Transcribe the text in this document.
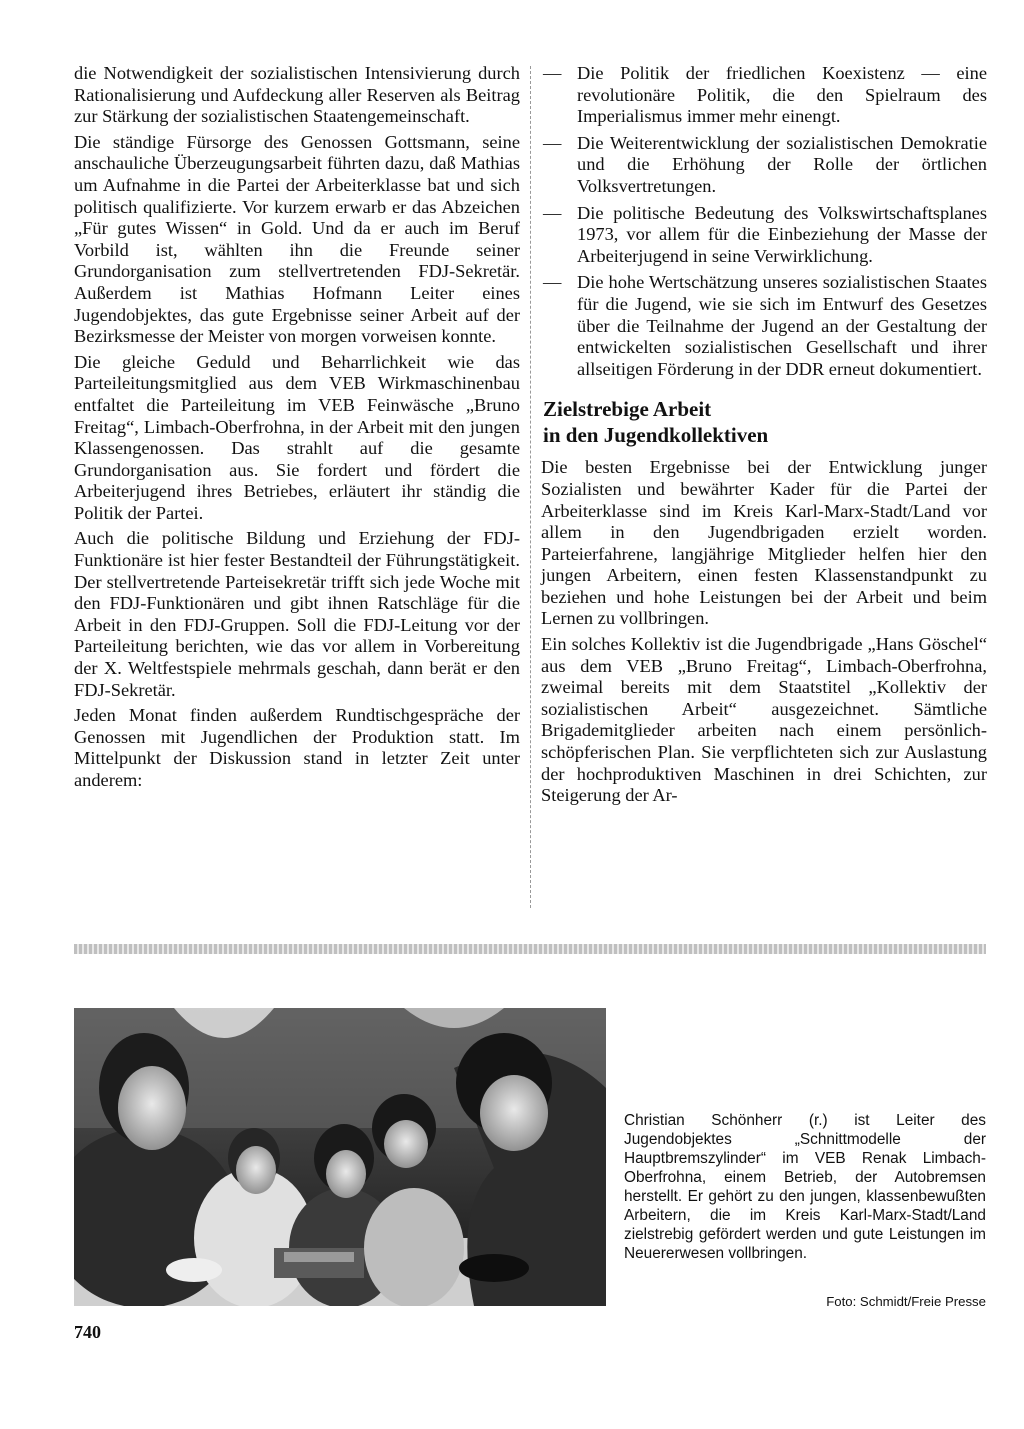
die Notwendigkeit der sozialistischen Intensivierung durch Rationalisierung und Aufdeckung aller Reserven als Beitrag zur Stärkung der sozialistischen Staatengemeinschaft.

Die ständige Fürsorge des Genossen Gottsmann, seine anschauliche Überzeugungsarbeit führten dazu, daß Mathias um Aufnahme in die Partei der Arbeiterklasse bat und sich politisch qualifizierte. Vor kurzem erwarb er das Abzeichen „Für gutes Wissen“ in Gold. Und da er auch im Beruf Vorbild ist, wählten ihn die Freunde seiner Grundorganisation zum stellvertretenden FDJ-Sekretär. Außerdem ist Mathias Hofmann Leiter eines Jugendobjektes, das gute Ergebnisse seiner Arbeit auf der Bezirksmesse der Meister von morgen vorweisen konnte.

Die gleiche Geduld und Beharrlichkeit wie das Parteileitungsmitglied aus dem VEB Wirkmaschinenbau entfaltet die Parteileitung im VEB Feinwäsche „Bruno Freitag“, Limbach-Oberfrohna, in der Arbeit mit den jungen Klassengenossen. Das strahlt auf die gesamte Grundorganisation aus. Sie fordert und fördert die Arbeiterjugend ihres Betriebes, erläutert ihr ständig die Politik der Partei.

Auch die politische Bildung und Erziehung der FDJ-Funktionäre ist hier fester Bestandteil der Führungstätigkeit. Der stellvertretende Parteisekretär trifft sich jede Woche mit den FDJ-Funktionären und gibt ihnen Ratschläge für die Arbeit in den FDJ-Gruppen. Soll die FDJ-Leitung vor der Parteileitung berichten, wie das vor allem in Vorbereitung der X. Weltfestspiele mehrmals geschah, dann berät er den FDJ-Sekretär.

Jeden Monat finden außerdem Rundtischgespräche der Genossen mit Jugendlichen der Produktion statt. Im Mittelpunkt der Diskussion stand in letzter Zeit unter anderem:

— Die Politik der friedlichen Koexistenz — eine revolutionäre Politik, die den Spielraum des Imperialismus immer mehr einengt.
— Die Weiterentwicklung der sozialistischen Demokratie und die Erhöhung der Rolle der örtlichen Volksvertretungen.
— Die politische Bedeutung des Volkswirtschaftsplanes 1973, vor allem für die Einbeziehung der Masse der Arbeiterjugend in seine Verwirklichung.
— Die hohe Wertschätzung unseres sozialistischen Staates für die Jugend, wie sie sich im Entwurf des Gesetzes über die Teilnahme der Jugend an der Gestaltung der entwickelten sozialistischen Gesellschaft und ihrer allseitigen Förderung in der DDR erneut dokumentiert.
Zielstrebige Arbeit
in den Jugendkollektiven

Die besten Ergebnisse bei der Entwicklung junger Sozialisten und bewährter Kader für die Partei der Arbeiterklasse sind im Kreis Karl-Marx-Stadt/Land vor allem in den Jugendbrigaden erzielt worden. Parteierfahrene, langjährige Mitglieder helfen hier den jungen Arbeitern, einen festen Klassenstandpunkt zu beziehen und hohe Leistungen bei der Arbeit und beim Lernen zu vollbringen.

Ein solches Kollektiv ist die Jugendbrigade „Hans Göschel“ aus dem VEB „Bruno Freitag“, Limbach-Oberfrohna, zweimal bereits mit dem Staatstitel „Kollektiv der sozialistischen Arbeit“ ausgezeichnet. Sämtliche Brigademitglieder arbeiten nach einem persönlich-schöpferischen Plan. Sie verpflichteten sich zur Auslastung der hochproduktiven Maschinen in drei Schichten, zur Steigerung der Ar-

Christian Schönherr (r.) ist Leiter des Jugendobjektes „Schnittmodelle der Hauptbremszylinder“ im VEB Renak Limbach-Oberfrohna, einem Betrieb, der Autobremsen herstellt. Er gehört zu den jungen, klassenbewußten Arbeitern, die im Kreis Karl-Marx-Stadt/Land zielstrebig gefördert werden und gute Leistungen im Neuererwesen vollbringen.
Foto: Schmidt/Freie Presse
740
